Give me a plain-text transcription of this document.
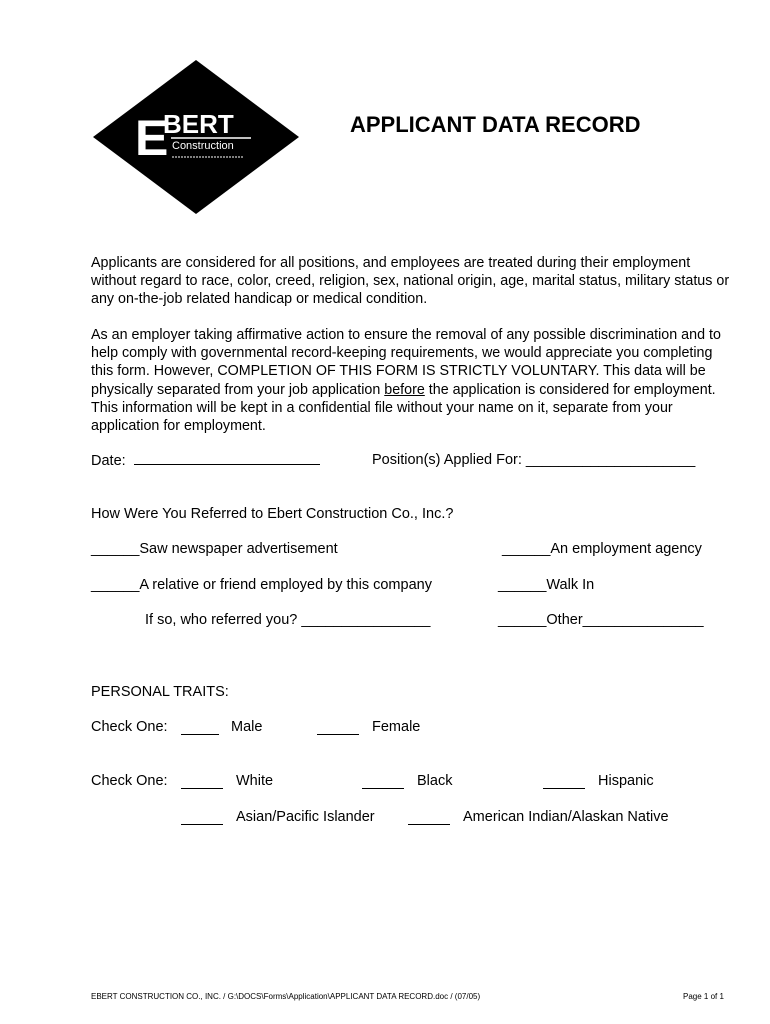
E
BERT
Construction
APPLICANT DATA RECORD
Applicants are considered for all positions, and employees are treated during their employment without regard to race, color, creed, religion, sex, national origin, age, marital status, military status or any on-the-job related handicap or medical condition.
As an employer taking affirmative action to ensure the removal of any possible discrimination and to help comply with governmental record-keeping requirements, we would appreciate you completing this form. However, COMPLETION OF THIS FORM IS STRICTLY VOLUNTARY. This data will be physically separated from your job application before the application is considered for employment. This information will be kept in a confidential file without your name on it, separate from your application for employment.
Date:	Position(s) Applied For: _____________________
How Were You Referred to Ebert Construction Co., Inc.?
______Saw newspaper advertisement	______An employment agency
______A relative or friend employed by this company	______Walk In
If so, who referred you? ________________	______Other_______________
PERSONAL TRAITS:
Check One:	Male	Female
Check One:	White	Black	Hispanic
Asian/Pacific Islander	American Indian/Alaskan Native
EBERT CONSTRUCTION CO., INC. / G:\DOCS\Forms\Application\APPLICANT DATA RECORD.doc / (07/05)	Page 1 of 1
